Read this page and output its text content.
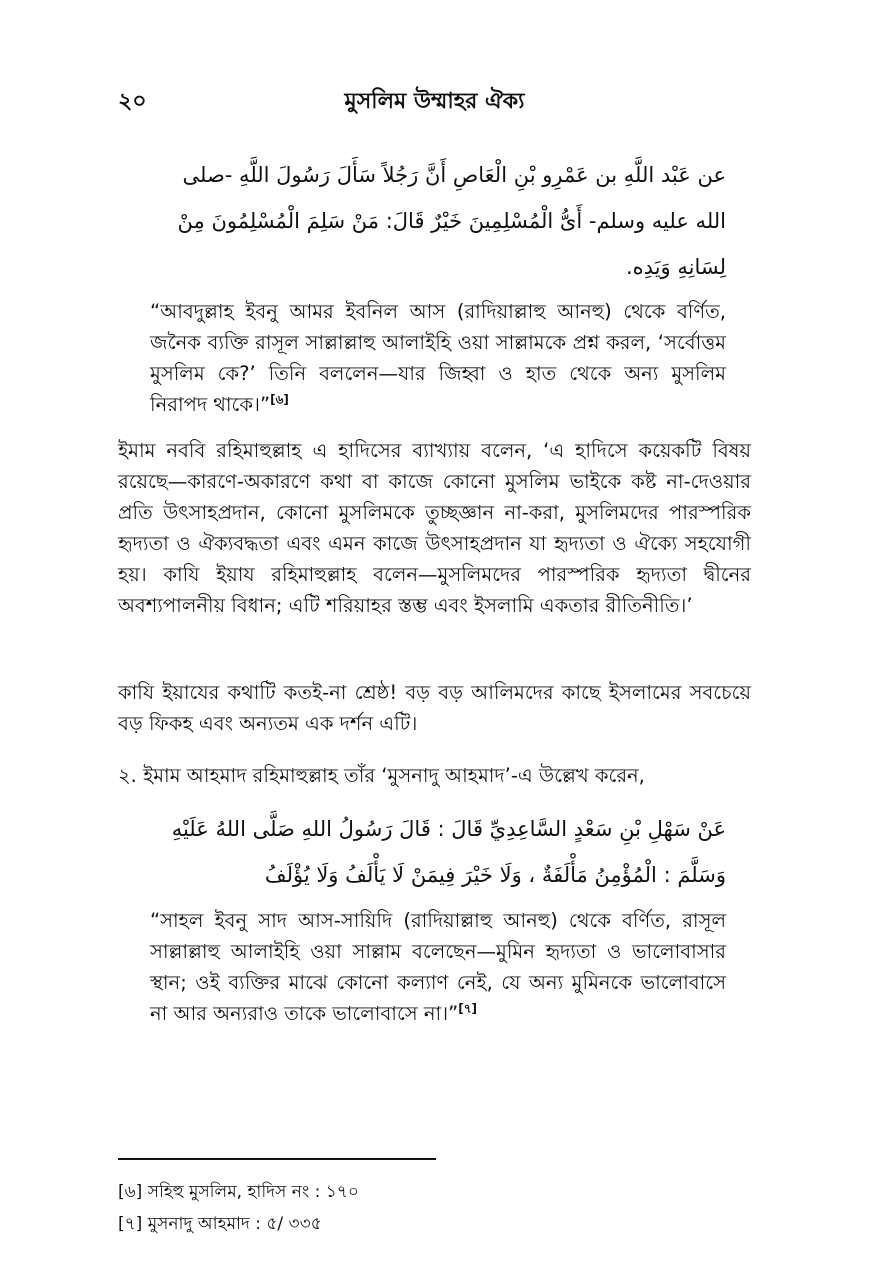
২০	মুসলিম উম্মাহর ঐক্য
عن عَبْد اللَّهِ بن عَمْرِو بْنِ الْعَاصِ أَنَّ رَجُلاً سَأَلَ رَسُولَ اللَّهِ -صلى الله عليه وسلم- أَىُّ الْمُسْلِمِينَ خَيْرٌ قَالَ: مَنْ سَلِمَ الْمُسْلِمُونَ مِنْ لِسَانِهِ وَيَدِه.
“আবদুল্লাহ ইবনু আমর ইবনিল আস (রাদিয়াল্লাহু আনহু) থেকে বর্ণিত, জনৈক ব্যক্তি রাসূল সাল্লাল্লাহু আলাইহি ওয়া সাল্লামকে প্রশ্ন করল, ‘সর্বোত্তম মুসলিম কে?’ তিনি বললেন—যার জিহ্বা ও হাত থেকে অন্য মুসলিম নিরাপদ থাকে।”[৬]
ইমাম নববি রহিমাহুল্লাহ এ হাদিসের ব্যাখ্যায় বলেন, ‘এ হাদিসে কয়েকটি বিষয় রয়েছে—কারণে-অকারণে কথা বা কাজে কোনো মুসলিম ভাইকে কষ্ট না-দেওয়ার প্রতি উৎসাহপ্রদান, কোনো মুসলিমকে তুচ্ছজ্ঞান না-করা, মুসলিমদের পারস্পরিক হৃদ্যতা ও ঐক্যবদ্ধতা এবং এমন কাজে উৎসাহপ্রদান যা হৃদ্যতা ও ঐক্যে সহযোগী হয়। কাযি ইয়ায রহিমাহুল্লাহ বলেন—মুসলিমদের পারস্পরিক হৃদ্যতা দ্বীনের অবশ্যপালনীয় বিধান; এটি শরিয়াহর স্তম্ভ এবং ইসলামি একতার রীতিনীতি।’
কাযি ইয়াযের কথাটি কতই-না শ্রেষ্ঠ! বড় বড় আলিমদের কাছে ইসলামের সবচেয়ে বড় ফিকহ এবং অন্যতম এক দর্শন এটি।
২. ইমাম আহমাদ রহিমাহুল্লাহ তাঁর ‘মুসনাদু আহমাদ’-এ উল্লেখ করেন,
عَنْ سَهْلِ بْنِ سَعْدٍ السَّاعِدِيِّ قَالَ : قَالَ رَسُولُ اللهِ صَلَّى اللهُ عَلَيْهِ وَسَلَّمَ : الْمُؤْمِنُ مَأْلَفَةٌ ، وَلَا خَيْرَ فِيمَنْ لَا يَأْلَفُ وَلَا يُؤْلَفُ
“সাহল ইবনু সাদ আস-সায়িদি (রাদিয়াল্লাহু আনহু) থেকে বর্ণিত, রাসূল সাল্লাল্লাহু আলাইহি ওয়া সাল্লাম বলেছেন—মুমিন হৃদ্যতা ও ভালোবাসার স্থান; ওই ব্যক্তির মাঝে কোনো কল্যাণ নেই, যে অন্য মুমিনকে ভালোবাসে না আর অন্যরাও তাকে ভালোবাসে না।”[৭]
[৬] সহিহু মুসলিম, হাদিস নং : ১৭০
[৭] মুসনাদু আহমাদ : ৫/ ৩৩৫
